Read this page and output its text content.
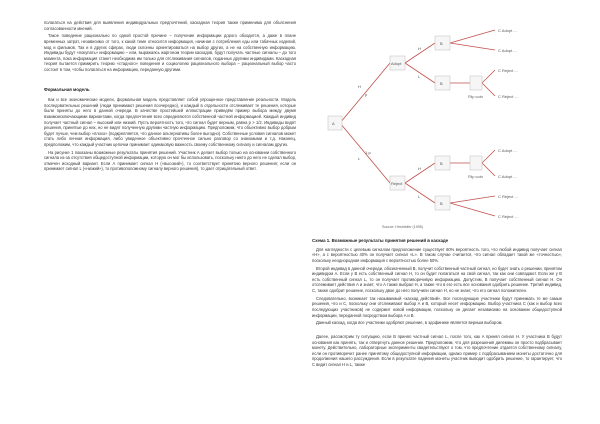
полагаться на действия для выявления индивидуальных предпочтений, каскадная теория также применима для объяснения согласованности мнений.

Такое поведение рационально по одной простой причине – получение информации дорого обходится, а даже в плане временных затрат, независимо от того, к какой теме относится информация, начиная с потребления еды или табачных изделий, мод и фильмов. Так и в других сферах, люди склонны ориентироваться на выбор других, а не на собственную информацию. Индивиды будут «покупать» информацию – или, выражаясь жаргоном теории каскадов, будут получать частные сигналы – до того момента, пока информация станет необходима им только для отслеживания сигналов, поданных другими индивидами. Каскадная теория пытается примирить теорию «стадного» поведения и социологию рационального выбора – рациональный выбор часто состоит в том, чтобы полагаться на информацию, переданную другими.

Формальная модель

Как и все экономические модели, формальная модель представляет собой упрощенное представление реальности. Модель последовательных решений (люди принимают решения поочередно), и каждый в отдельности отслеживает те решения, которые были приняты до него в данной очереди. В качестве простейшей иллюстрации приведём пример выбора между двумя взаимоисключающими вариантами, когда предпочтения всех определяются собственной частной информацией. Каждый индивид получает частный сигнал – высокий или низкий. Пусть вероятность того, что сигнал будет верным, равна p > 1/2. Индивиды видят решения, принятые до них, но не видят полученную другими частную информацию. Предположим, что объективно выбор добрым будет лучше, чем выбор «плохо» (подкрепляется, что данное альтернативы более выгодно). Собственные условия сигналов может стать либо личная информация, либо увиденное объективно прочтенное сильно разговор со знакомыми и т.д. Наконец, предположим, что каждый участник цепочки принимает одинаковую важность своему собственному сигналу и сигналам других.

На рисунке 1 показаны возможные результаты принятия решений. Участник А делает выбор только на основании собственного сигнала из-за отсутствия общедоступной информации, которую он мог бы использовать, поскольку никто до него не сделал выбор, отмечен исходный вариант. Если А принимает сигнал H («высокий»), то соответствует принятию верного решения; если он принимает сигнал L («низкий»), то противоположному сигналу верного решения), то дает отрицательный ответ.

A
Adopt
Reject
B
B
B
B
Flip coin
Flip coin
H
L
H
L
H
L
p
1-p
C Adopt ...
C Adopt ...
C Reject ...
C Reject ...
C Adopt ...
C Adopt ...
C Reject ...
C Reject ...
Source: Hirshleifer (1995)
Схема 1. Возможные результаты принятия решений в каскаде

Для наглядности с целевым сигналом предположение существует 60% вероятность того, что любой индивид получает сигнал «H», а с вероятностью 40% он получает сигнал «L». В таком случае считается, что сигнал обладает такой же «точностью», поскольку неоднородная информация с вероятностью более 50%.

Второй индивид в данной очереди, обозначенный B, получит собственный частный сигнал, но будет знать о решении, принятом индивидом А. Если у B есть собственный сигнал H, то он будет полагаться на свой сигнал, так как они совпадают. Если же у B есть собственный сигнал L, то он получает противоречивую информацию. Допустим, B получает собственный сигнал H. Он отслеживает действия A и знает, что A также выбрал H, а также что в его есть все основания одобрить решение. Третий индивид, C, также одобрит решение, поскольку двое до него получили сигнал H, но не знает, что его сигнал положителен.

Следовательно, возникает так называемый «каскад действий». Все последующие участники будут принимать те же самые решения, что и C, поскольку они отслеживают выбор A и B, который несет информацию. Выбор участника C (как и выбор всех последующих участников) не содержит новой информации, поскольку он делает независимо на основании общедоступной информации, переданной посредством выбора A и B.

Данный каскад, когда все участники одобряют решение, в эдофинике является верным выбором.

Далее, рассмотрим ту ситуацию, если B принял частный сигнал L, после того, как A принял сигнал H. У участника B будут основания как принять, так и отвергнуть данное решение. Предположим, что для разрешения дилеммы он просто подбрасывает монету. Действительно, лабораторные эксперименты свидетельствуют о том, что предпочтение отдается собственному сигналу, если он противоречит ранее принятому общедоступной информации, однако пример с подбрасыванием монеты достаточно для продолжения нашего рассуждения. Если в результате падения монеты участник выводит одобрить решение, то гарантирует, что C видит сигнал H и L, также
